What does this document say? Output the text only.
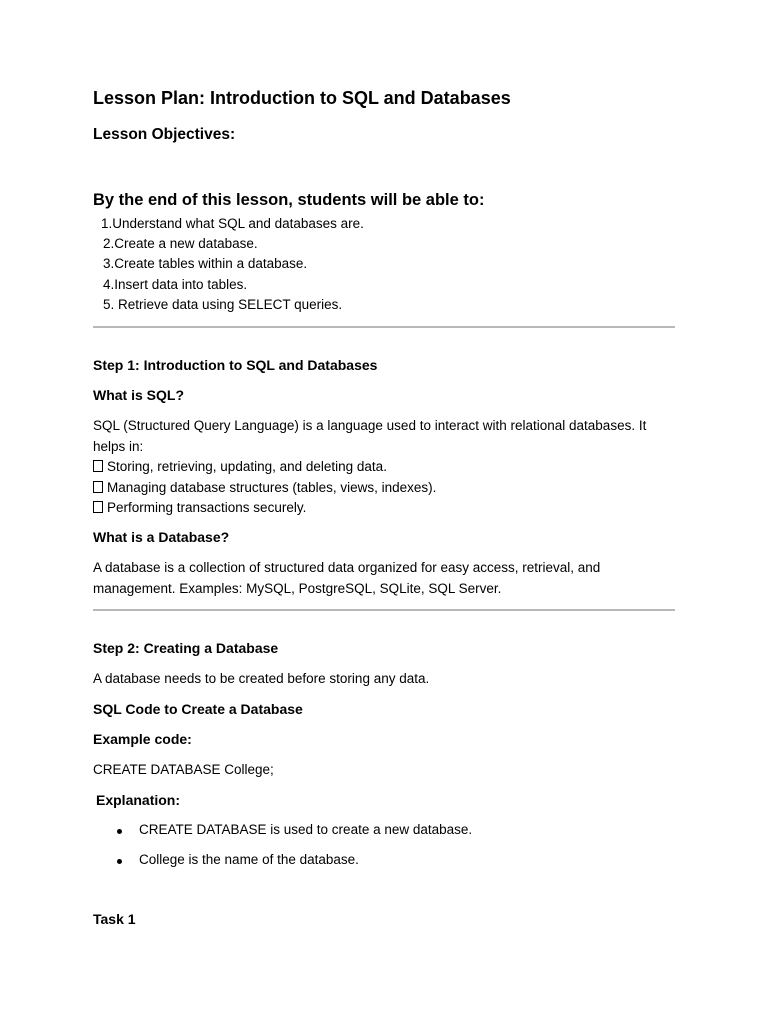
Lesson Plan: Introduction to SQL and Databases
Lesson Objectives:
By the end of this lesson, students will be able to:
1.Understand what SQL and databases are.
2.Create a new database.
3.Create tables within a database.
4.Insert data into tables.
5. Retrieve data using SELECT queries.
Step 1: Introduction to SQL and Databases
What is SQL?
SQL (Structured Query Language) is a language used to interact with relational databases. It
helps in:
Storing, retrieving, updating, and deleting data.
Managing database structures (tables, views, indexes).
Performing transactions securely.
What is a Database?
A database is a collection of structured data organized for easy access, retrieval, and
management. Examples: MySQL, PostgreSQL, SQLite, SQL Server.
Step 2: Creating a Database
A database needs to be created before storing any data.
SQL Code to Create a Database
Example code:
CREATE DATABASE College;
Explanation:
CREATE DATABASE is used to create a new database.
College is the name of the database.
Task 1
